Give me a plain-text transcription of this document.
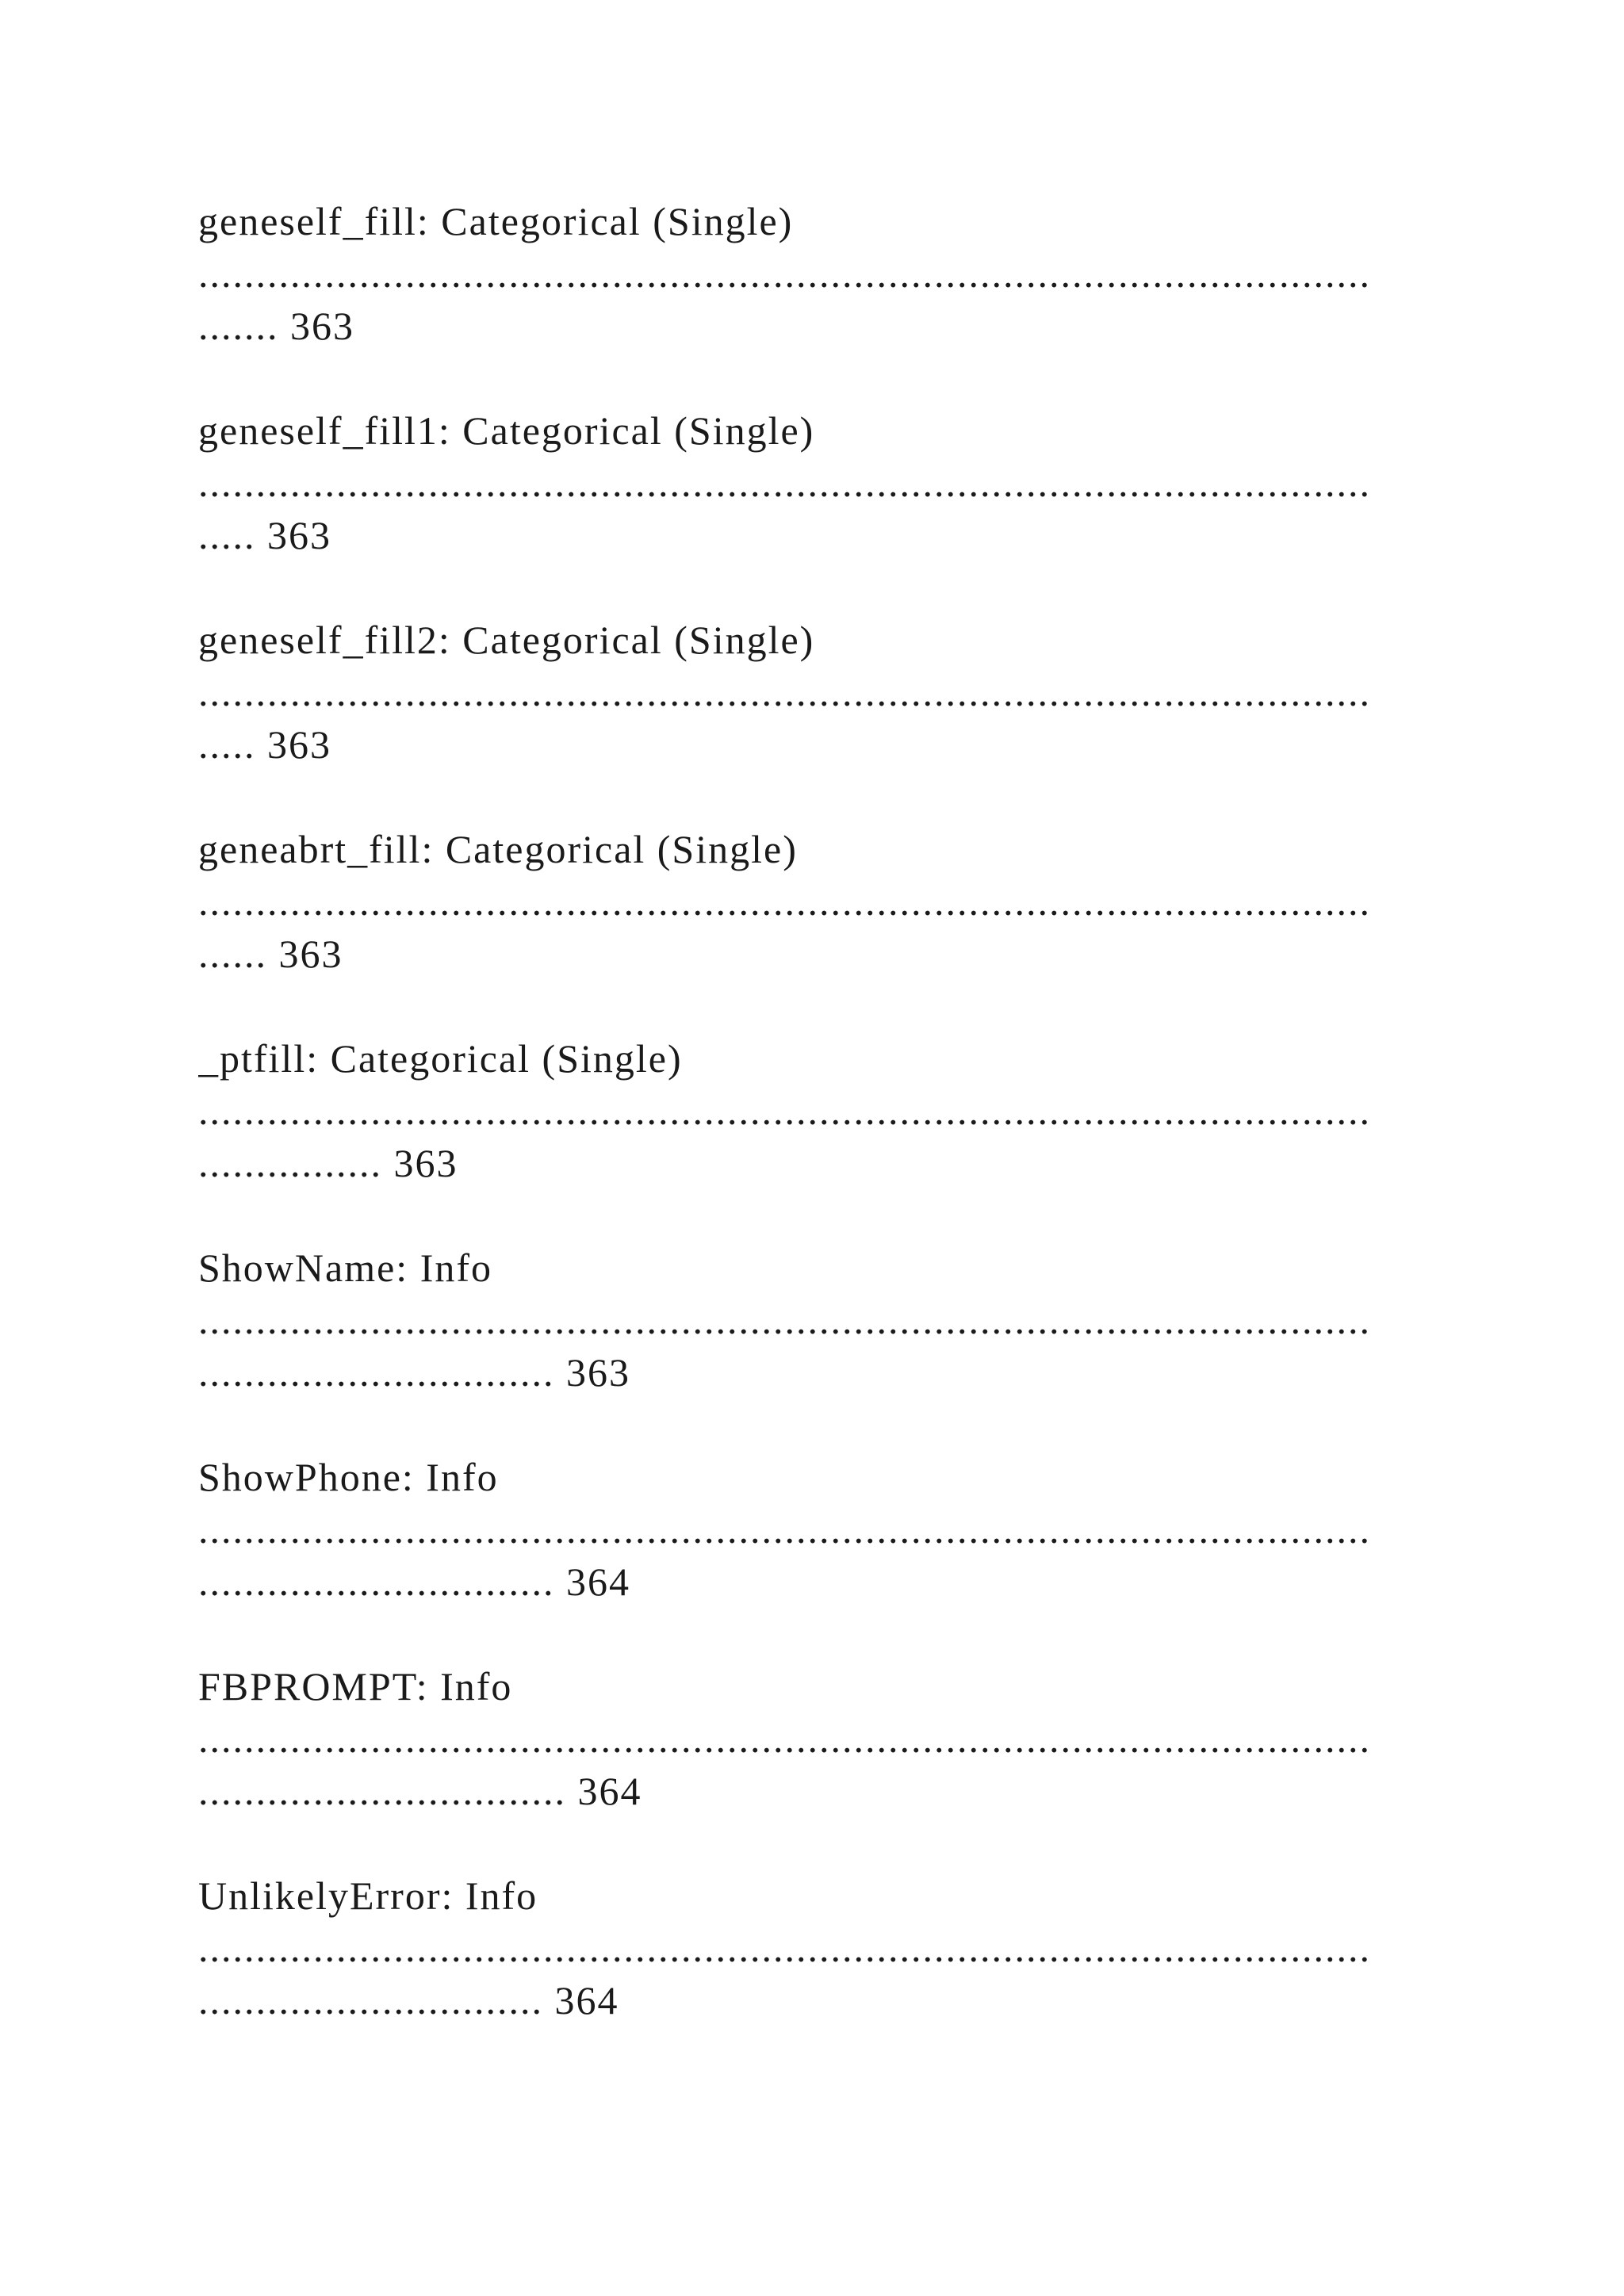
geneself_fill: Categorical (Single)
......................................................................................................
....... 363
geneself_fill1: Categorical (Single)
......................................................................................................
..... 363
geneself_fill2: Categorical (Single)
......................................................................................................
..... 363
geneabrt_fill: Categorical (Single)
......................................................................................................
...... 363
_ptfill: Categorical (Single)
......................................................................................................
................ 363
ShowName: Info
......................................................................................................
............................... 363
ShowPhone: Info
......................................................................................................
............................... 364
FBPROMPT: Info
......................................................................................................
................................ 364
UnlikelyError: Info
......................................................................................................
.............................. 364
